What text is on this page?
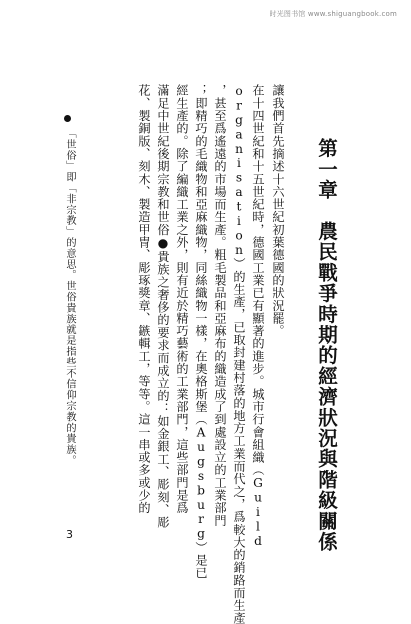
时光图书馆 www.shiguangbook.com
第一章　農民戰爭時期的經濟狀況與階級關係
讓我們首先摘述十六世紀初葉德國的狀況罷。
在十四世紀和十五世紀時，德國工業已有顯著的進步。城市行會組織（Guild
organisation）的生產，已取封建村落的地方工業而代之，爲較大的銷路而生產
，甚至爲遙遠的市場而生產。粗毛製品和亞麻布的織造成了到處設立的工業部門
；即精巧的毛織物和亞麻織物，同絲織物一樣，在奧格斯堡（Augsburg）是已
經生產的。除了編織工業之外，則有近於精巧藝術的工業部門，這些部門是爲
滿足中世紀後期宗教和世俗●貴族之奢侈的要求而成立的：如金銀工、彫刻、彫
花、製銅版、刻木、製造甲冑、彫琢獎章、鏃輯工，等等。這一串或多或少的
「世俗」即「非宗教」的意思。世俗貴族就是指些不信仰宗教的貴族。
3
